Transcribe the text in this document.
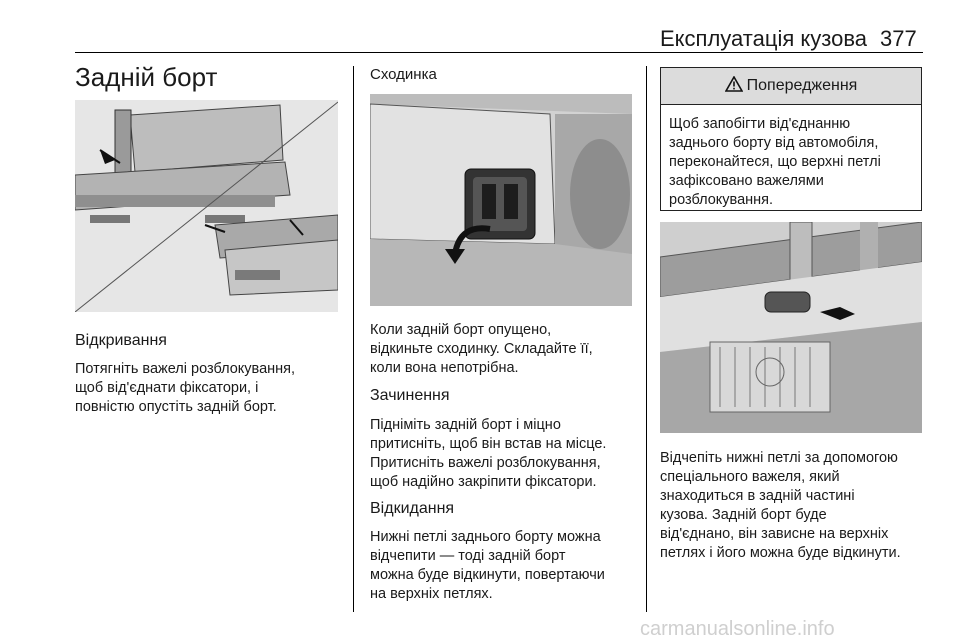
Експлуатація кузова 377
Задній борт
Відкривання
Потягніть важелі розблокування,
щоб від'єднати фіксатори, і
повністю опустіть задній борт.
Сходинка
Коли задній борт опущено,
відкиньте сходинку. Складайте її,
коли вона непотрібна.
Зачинення
Підніміть задній борт і міцно
притисніть, щоб він встав на місце.
Притисніть важелі розблокування,
щоб надійно закріпити фіксатори.
Відкидання
Нижні петлі заднього борту можна
відчепити — тоді задній борт
можна буде відкинути, повертаючи
на верхніх петлях.
Попередження
Щоб запобігти від'єднанню
заднього борту від автомобіля,
переконайтеся, що верхні петлі
зафіксовано важелями
розблокування.
Відчепіть нижні петлі за допомогою
спеціального важеля, який
знаходиться в задній частині
кузова. Задній борт буде
від'єднано, він зависне на верхніх
петлях і його можна буде відкинути.
carmanualsonline.info
